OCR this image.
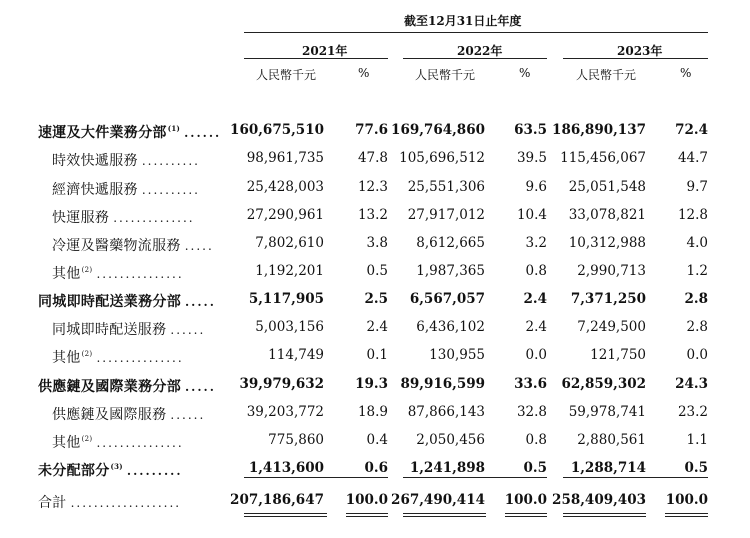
截至12月31日止年度
2021年	2022年	2023年
人民幣千元	%	人民幣千元	%	人民幣千元	%
速運及大件業務分部$^{(1)}$ ...... 160,675,510 77.6 169,764,860 63.5 186,890,137 72.4
時效快遞服務 ..........	98,961,735	47.8 105,696,512 39.5 115,456,067 44.7
經濟快遞服務 ..........	25,428,003	12.3 25,551,306	9.6 25,051,548	9.7
快運服務 ..............	27,290,961	13.2 27,917,012 10.4 33,078,821 12.8
冷運及醫藥物流服務 .....	7,802,610	3.8 8,612,665	3.2 10,312,988	4.0
其他$^{(2)}$ ...............	1,192,201	0.5 1,987,365	0.8 2,990,713	1.2
同城即時配送業務分部 ..... 5,117,905	2.5 6,567,057	2.4 7,371,250	2.8
同城即時配送服務 ......	5,003,156	2.4 6,436,102	2.4 7,249,500	2.8
其他$^{(2)}$ ...............	114,749	0.1	130,955	0.0	121,750	0.0
供應鏈及國際業務分部 ..... 39,979,632 19.3 89,916,599 33.6 62,859,302 24.3
供應鏈及國際服務 ......	39,203,772	18.9 87,866,143 32.8 59,978,741 23.2
其他$^{(2)}$ ...............	775,860	0.4 2,050,456	0.8 2,880,561	1.1
未分配部分$^{(3)}$ .........	1,413,600	0.6 1,241,898	0.5 1,288,714	0.5
合計 ...................	207,186,647 100.0 267,490,414 100.0 258,409,403 100.0
